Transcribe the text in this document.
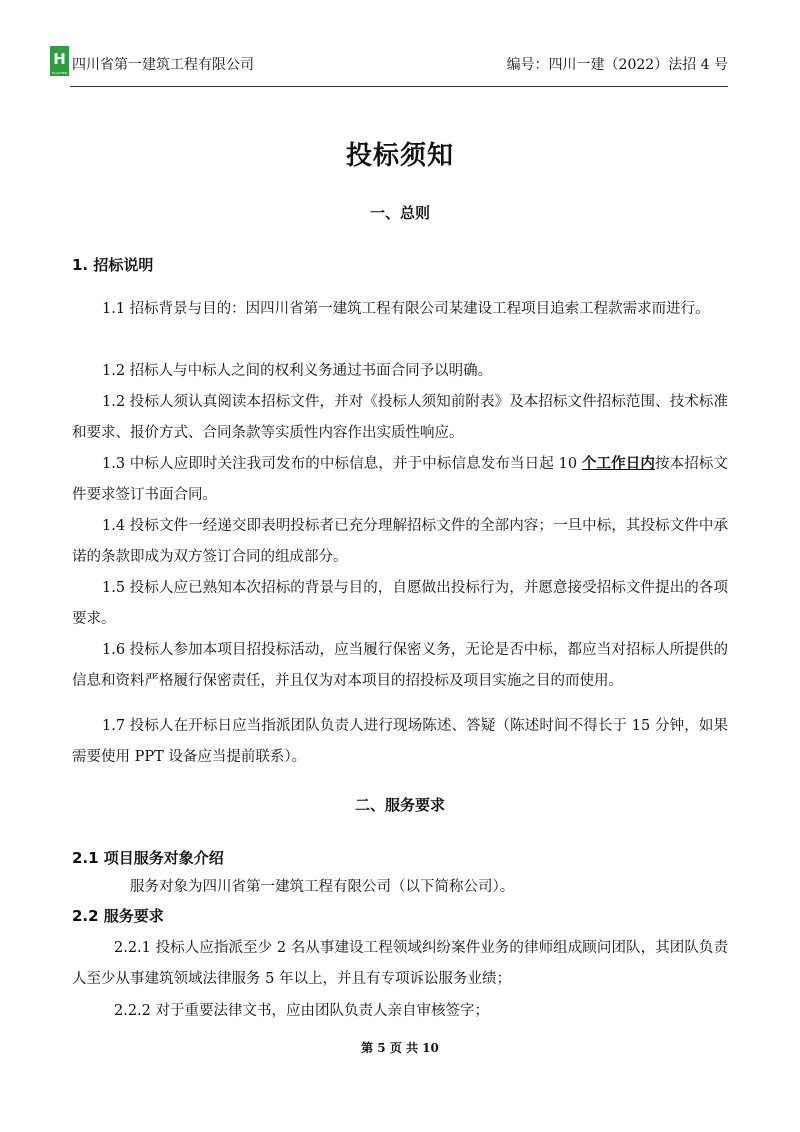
H
HUACHEN 四川省第一建筑工程有限公司	编号：四川一建（2022）法招 4 号
投标须知
一、总则
1. 招标说明
1.1 招标背景与目的：因四川省第一建筑工程有限公司某建设工程项目追索工程款需求而进行。
1.2 招标人与中标人之间的权利义务通过书面合同予以明确。
1.2 投标人须认真阅读本招标文件，并对《投标人须知前附表》及本招标文件招标范围、技术标准和要求、报价方式、合同条款等实质性内容作出实质性响应。
1.3 中标人应即时关注我司发布的中标信息，并于中标信息发布当日起 10 个工作日内按本招标文件要求签订书面合同。
1.4 投标文件一经递交即表明投标者已充分理解招标文件的全部内容；一旦中标，其投标文件中承诺的条款即成为双方签订合同的组成部分。
1.5 投标人应已熟知本次招标的背景与目的，自愿做出投标行为，并愿意接受招标文件提出的各项要求。
1.6 投标人参加本项目招投标活动，应当履行保密义务，无论是否中标，都应当对招标人所提供的信息和资料严格履行保密责任，并且仅为对本项目的招投标及项目实施之目的而使用。
1.7 投标人在开标日应当指派团队负责人进行现场陈述、答疑（陈述时间不得长于 15 分钟，如果需要使用 PPT 设备应当提前联系）。
二、服务要求
2.1 项目服务对象介绍
服务对象为四川省第一建筑工程有限公司（以下简称公司）。
2.2 服务要求
2.2.1 投标人应指派至少 2 名从事建设工程领域纠纷案件业务的律师组成顾问团队，其团队负责人至少从事建筑领域法律服务 5 年以上，并且有专项诉讼服务业绩；
2.2.2 对于重要法律文书，应由团队负责人亲自审核签字；
第 5 页 共 10
